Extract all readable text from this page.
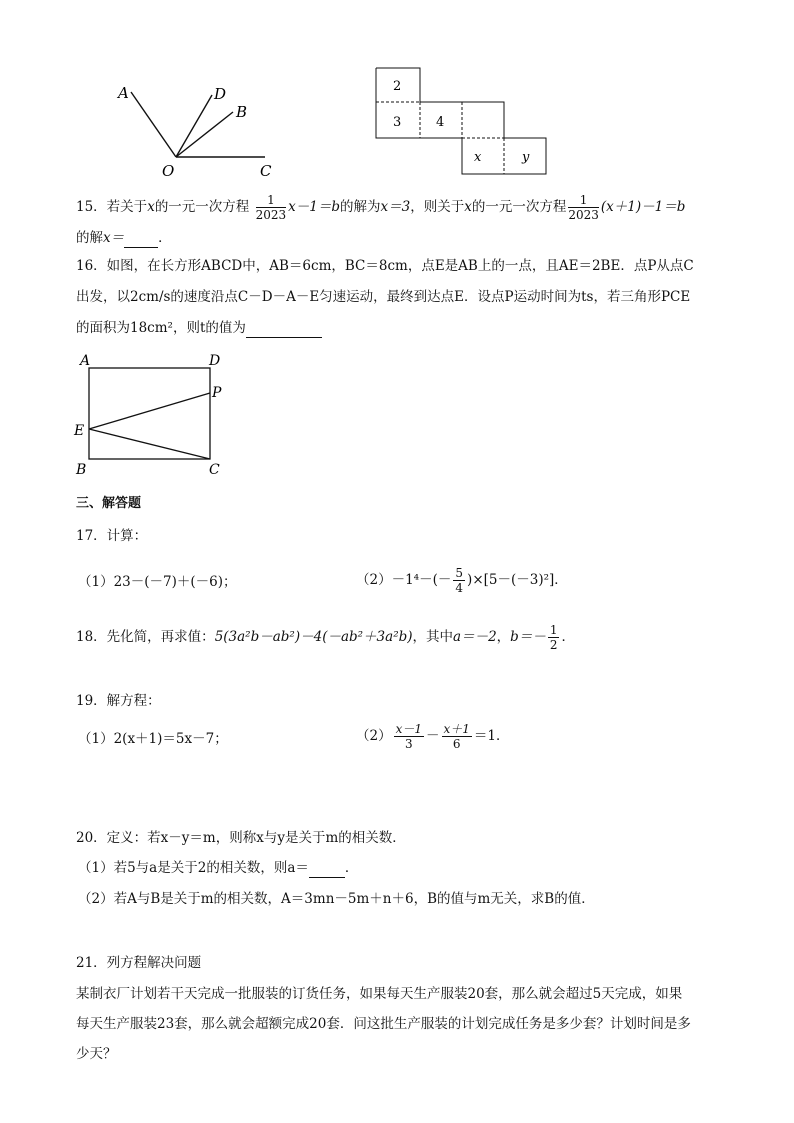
A	D
B
O	C
2
3	4
x	y
15．若关于x的一元一次方程 $\frac{1}{2023} x-1=b$的解为x＝3，则关于x的一元一次方程 $\frac{1}{2023} (x+1)-1=b$
的解x＝	．
16．如图，在长方形ABCD中，AB＝6cm，BC＝8cm，点E是AB上的一点，且AE＝2BE．点P从点C
出发，以2cm/s的速度沿点C－D－A－E匀速运动，最终到达点E．设点P运动时间为ts，若三角形PCE
的面积为18cm²，则t的值为
A	D
P
E
B	C
三、解答题
17．计算：
（1）23－(－7)＋(－6)；	$(2)-1^4-(- \frac{5}{4} )\times[5-(-3)^2]$．
18．先化简，再求值：5(3a²b－ab²)－4(－ab²＋3a²b)，其中a＝－2，$b=- \frac{1}{2}$ ．
19．解方程：
（1）2(x＋1)＝5x－7；	$(2) \frac{x-1}{3} - \frac{x+1}{6} =1$．
20．定义：若x－y＝m，则称x与y是关于m的相关数．
（1）若5与a是关于2的相关数，则a＝	．
（2）若A与B是关于m的相关数，A＝3mn－5m＋n＋6，B的值与m无关，求B的值．
21．列方程解决问题
某制衣厂计划若干天完成一批服装的订货任务，如果每天生产服装20套，那么就会超过5天完成，如果
每天生产服装23套，那么就会超额完成20套．问这批生产服装的计划完成任务是多少套？计划时间是多
少天？
